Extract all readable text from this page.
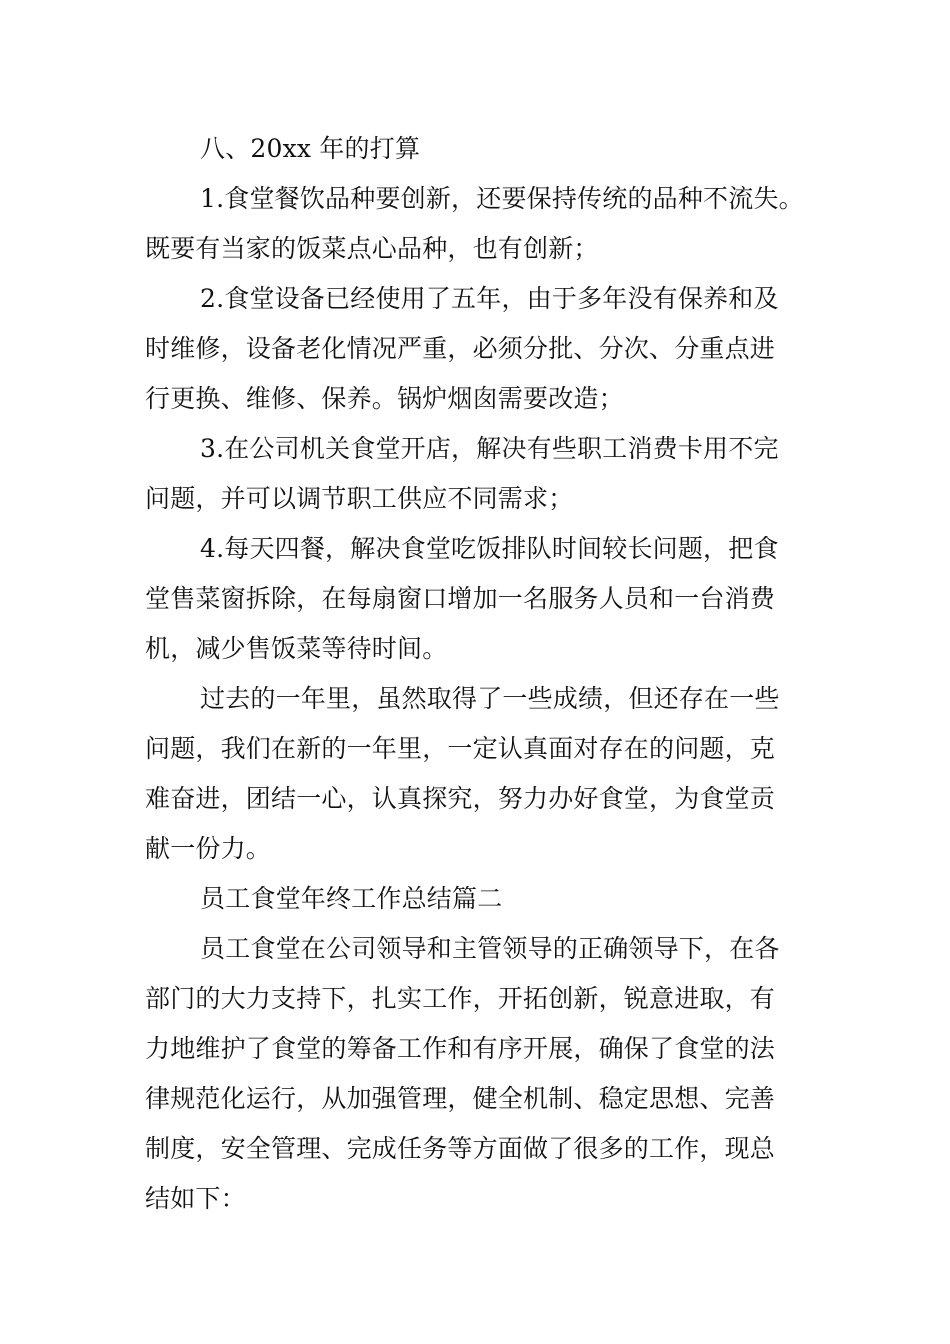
八、20xx 年的打算

1.食堂餐饮品种要创新，还要保持传统的品种不流失。

既要有当家的饭菜点心品种，也有创新；

2.食堂设备已经使用了五年，由于多年没有保养和及

时维修，设备老化情况严重，必须分批、分次、分重点进
行更换、维修、保养。锅炉烟囱需要改造；

3.在公司机关食堂开店，解决有些职工消费卡用不完

问题，并可以调节职工供应不同需求；

4.每天四餐，解决食堂吃饭排队时间较长问题，把食

堂售菜窗拆除，在每扇窗口增加一名服务人员和一台消费
机，减少售饭菜等待时间。

过去的一年里，虽然取得了一些成绩，但还存在一些

问题，我们在新的一年里，一定认真面对存在的问题，克
难奋进，团结一心，认真探究，努力办好食堂，为食堂贡
献一份力。

员工食堂年终工作总结篇二

员工食堂在公司领导和主管领导的正确领导下，在各

部门的大力支持下，扎实工作，开拓创新，锐意进取，有
力地维护了食堂的筹备工作和有序开展，确保了食堂的法
律规范化运行，从加强管理，健全机制、稳定思想、完善
制度，安全管理、完成任务等方面做了很多的工作，现总
结如下：
